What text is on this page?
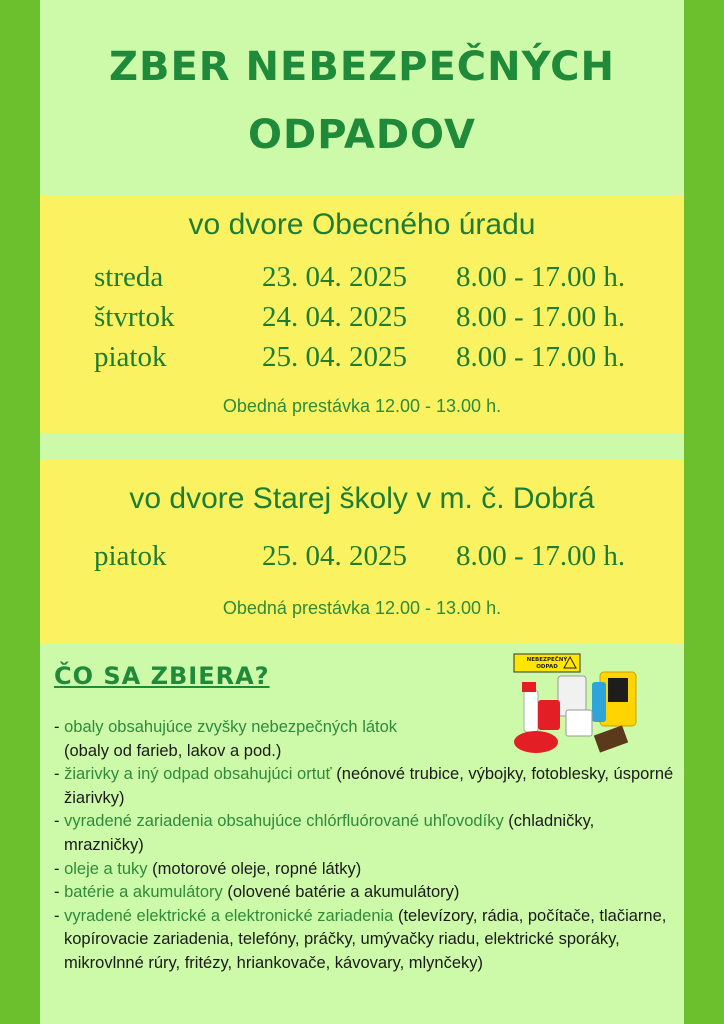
ZBER NEBEZPEČNÝCH
ODPADOV
vo dvore Obecného úradu
streda	23. 04. 2025 8.00 - 17.00 h.
štvrtok	24. 04. 2025 8.00 - 17.00 h.
piatok	25. 04. 2025 8.00 - 17.00 h.
Obedná prestávka 12.00 - 13.00 h.
vo dvore Starej školy v m. č. Dobrá
piatok	25. 04. 2025 8.00 - 17.00 h.
Obedná prestávka 12.00 - 13.00 h.
ČO SA ZBIERA?
NEBEZPEČNÝ
ODPAD

- obaly obsahujúce zvyšky nebezpečných látok
(obaly od farieb, lakov a pod.)

- žiarivky a iný odpad obsahujúci ortuť (neónové trubice, výbojky, fotoblesky, úsporné žiarivky)

- vyradené zariadenia obsahujúce chlórfluórované uhľovodíky (chladničky, mrazničky)

- oleje a tuky (motorové oleje, ropné látky)

- batérie a akumulátory (olovené batérie a akumulátory)

- vyradené elektrické a elektronické zariadenia (televízory, rádia, počítače, tlačiarne, kopírovacie zariadenia, telefóny, práčky, umývačky riadu, elektrické sporáky, mikrovlnné rúry, fritézy, hriankovače, kávovary, mlynčeky)
